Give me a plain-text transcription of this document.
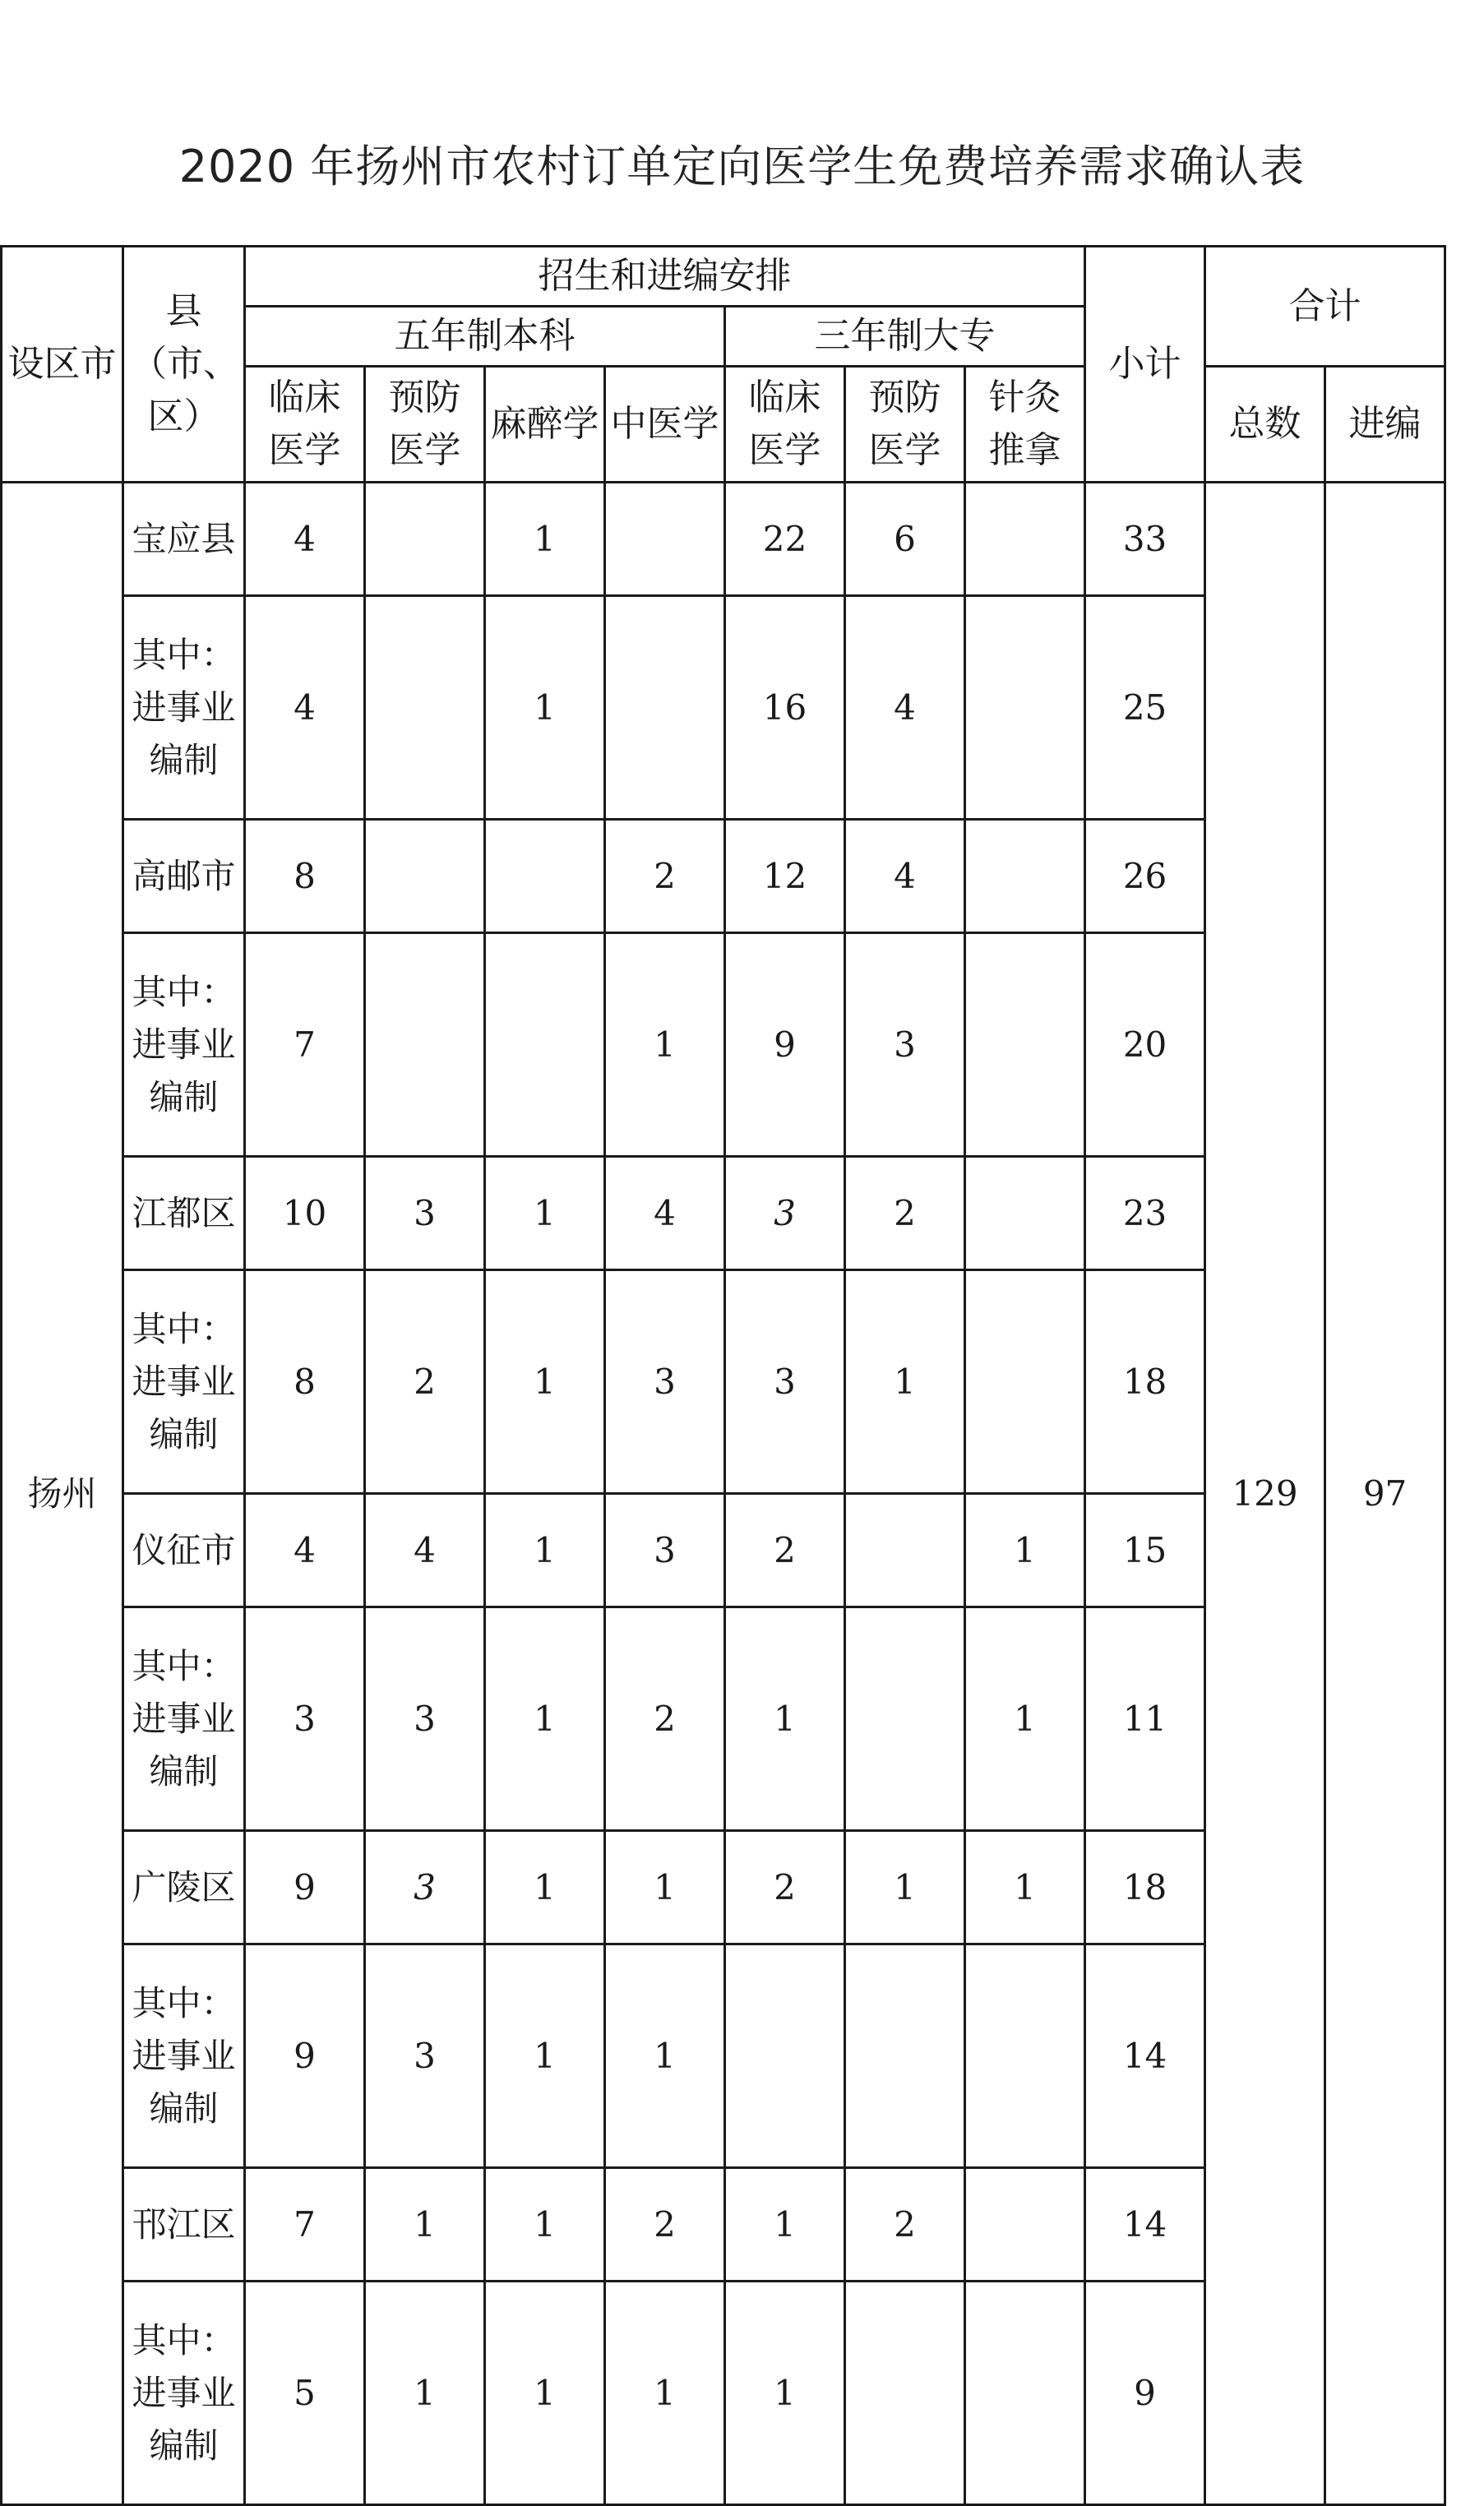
2020 年扬州市农村订单定向医学生免费培养需求确认表
设区市	县（市、区）	招生和进编安排							小计	合计	
		五年制本科				三年制大专					
		临床医学	预防医学	麻醉学	中医学	临床医学	预防医学	针灸推拿		总数	进编
扬州	宝应县	4		1		22	6		33	129	97
	其中：进事业编制	4		1		16	4		25		
	高邮市	8			2	12	4		26		
	其中：进事业编制	7			1	9	3		20		
	江都区	10	3	1	4	3	2		23		
	其中：进事业编制	8	2	1	3	3	1		18		
	仪征市	4	4	1	3	2		1	15		
	其中：进事业编制	3	3	1	2	1		1	11		
	广陵区	9	3	1	1	2	1	1	18		
	其中：进事业编制	9	3	1	1				14		
	邗江区	7	1	1	2	1	2		14		
	其中：进事业编制	5	1	1	1	1			9		
